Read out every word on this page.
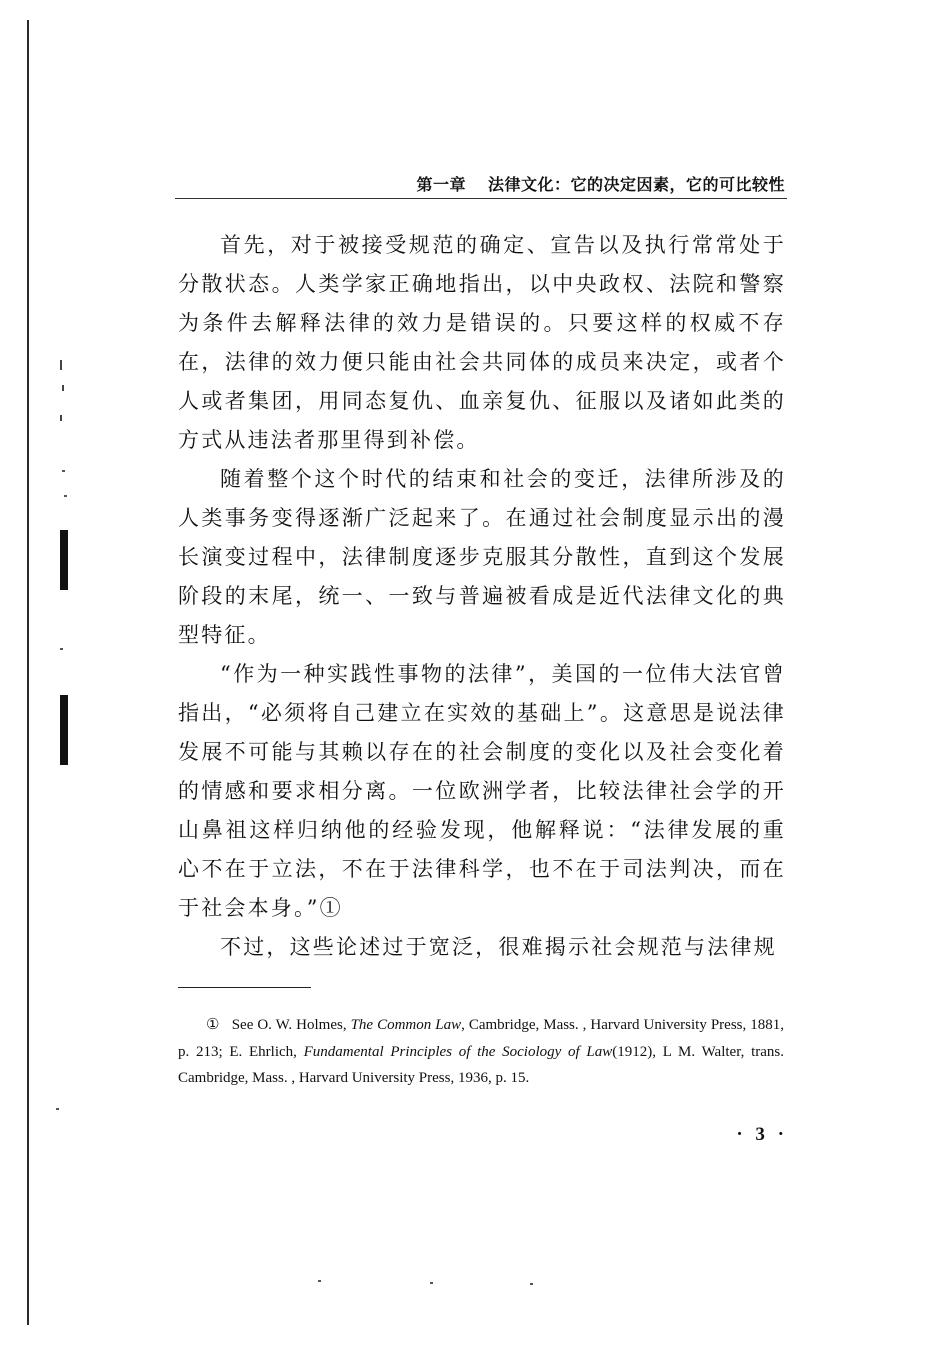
第一章 法律文化：它的决定因素，它的可比较性

首先，对于被接受规范的确定、宣告以及执行常常处于分散状态。人类学家正确地指出，以中央政权、法院和警察为条件去解释法律的效力是错误的。只要这样的权威不存在，法律的效力便只能由社会共同体的成员来决定，或者个人或者集团，用同态复仇、血亲复仇、征服以及诸如此类的方式从违法者那里得到补偿。

随着整个这个时代的结束和社会的变迁，法律所涉及的人类事务变得逐渐广泛起来了。在通过社会制度显示出的漫长演变过程中，法律制度逐步克服其分散性，直到这个发展阶段的末尾，统一、一致与普遍被看成是近代法律文化的典型特征。

“作为一种实践性事物的法律”，美国的一位伟大法官曾指出，“必须将自己建立在实效的基础上”。这意思是说法律发展不可能与其赖以存在的社会制度的变化以及社会变化着的情感和要求相分离。一位欧洲学者，比较法律社会学的开山鼻祖这样归纳他的经验发现，他解释说：“法律发展的重心不在于立法，不在于法律科学，也不在于司法判决，而在于社会本身。”①

不过，这些论述过于宽泛，很难揭示社会规范与法律规

① See O. W. Holmes, The Common Law, Cambridge, Mass. , Harvard University Press, 1881, p. 213; E. Ehrlich, Fundamental Principles of the Sociology of Law(1912), L M. Walter, trans. Cambridge, Mass. , Harvard University Press, 1936, p. 15.
· 3 ·
